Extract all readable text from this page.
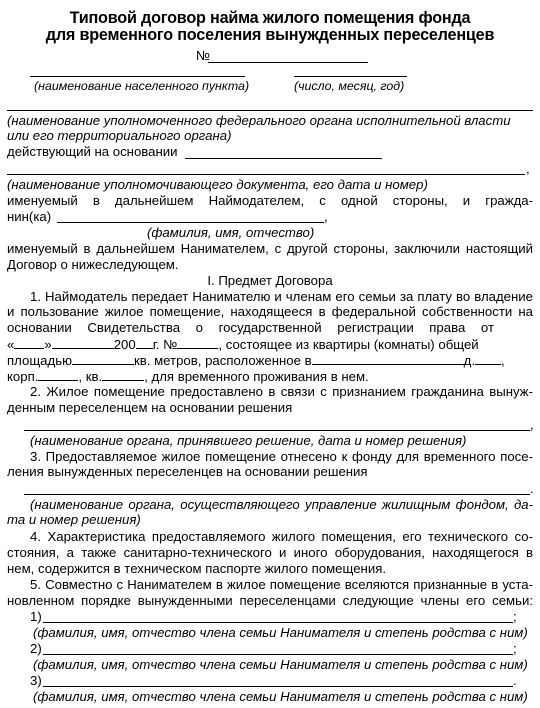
Типовой договор найма жилого помещения фонда
для временного поселения вынужденных переселенцев
№
(наименование населенного пункта)	(число, месяц, год)
(наименование уполномоченного федерального органа исполнительной власти
или его территориального органа)
действующий на основании
,
(наименование уполномочивающего документа, его дата и номер)
именуемый в дальнейшем Наймодателем, с одной стороны, и гражда-
нин(ка)	,
(фамилия, имя, отчество)
именуемый в дальнейшем Нанимателем, с другой стороны, заключили настоящий
Договор о нижеследующем.
I. Предмет Договора
1. Наймодатель передает Нанимателю и членам его семьи за плату во владение
и пользование жилое помещение, находящееся в федеральной собственности на
основании Свидетельства о государственной регистрации права от
« »	200 г. №	, состоящее из квартиры (комнаты) общей
площадью	кв. метров, расположенное в	д. ,
корп.	, кв.	, для временного проживания в нем.
2. Жилое помещение предоставлено в связи с признанием гражданина вынуж-
денным переселенцем на основании решения
,
(наименование органа, принявшего решение, дата и номер решения)
3. Предоставляемое жилое помещение отнесено к фонду для временного посе-
ления вынужденных переселенцев на основании решения
.
(наименование органа, осуществляющего управление жилищным фондом, да-
та и номер решения)
4. Характеристика предоставляемого жилого помещения, его технического со-
стояния, а также санитарно-технического и иного оборудования, находящегося в
нем, содержится в техническом паспорте жилого помещения.
5. Совместно с Нанимателем в жилое помещение вселяются признанные в уста-
новленном порядке вынужденными переселенцами следующие члены его семьи:
1)	;
(фамилия, имя, отчество члена семьи Нанимателя и степень родства с ним)
2)	;
(фамилия, имя, отчество члена семьи Нанимателя и степень родства с ним)
3)	.
(фамилия, имя, отчество члена семьи Нанимателя и степень родства с ним)
